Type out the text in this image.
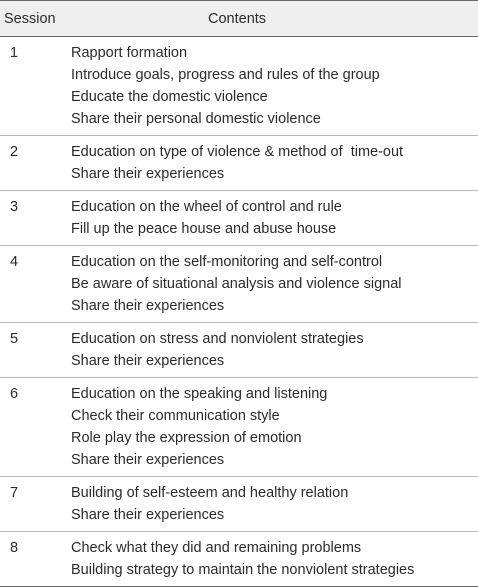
Session	Contents
1	Rapport formation
Introduce goals, progress and rules of the group
Educate the domestic violence
Share their personal domestic violence

2	Education on type of violence & method of  time-out
Share their experiences

3	Education on the wheel of control and rule
Fill up the peace house and abuse house

4	Education on the self-monitoring and self-control
Be aware of situational analysis and violence signal
Share their experiences

5	Education on stress and nonviolent strategies
Share their experiences

6	Education on the speaking and listening
Check their communication style
Role play the expression of emotion
Share their experiences

7	Building of self-esteem and healthy relation
Share their experiences

8	Check what they did and remaining problems
Building strategy to maintain the nonviolent strategies
